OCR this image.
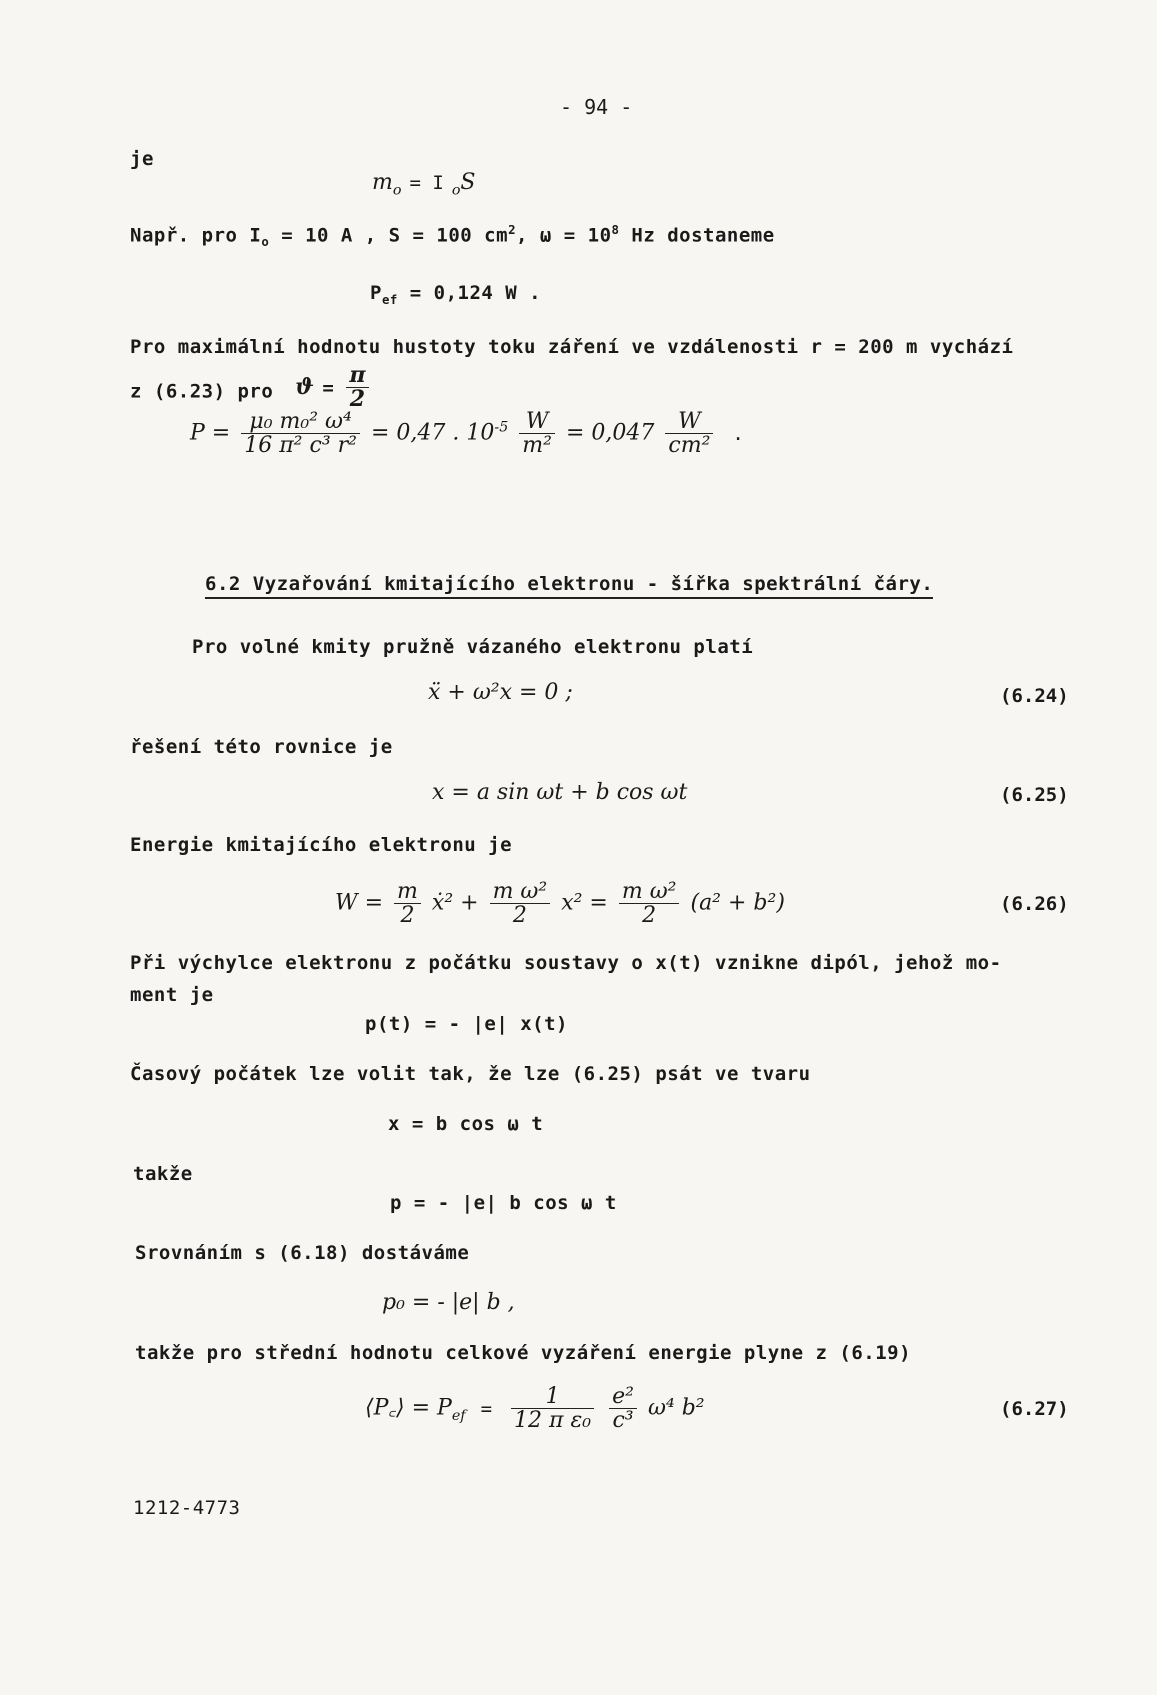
- 94 -
je
$m_o = I$ $_o$S
Např. pro $I_o = 10$ A , S = 100 $cm^2$, $\omega = 10^8$ Hz dostaneme
$P_{ef} = 0,124$ W .
Pro maximální hodnotu hustoty toku záření ve vzdálenosti r = 200 m vychází
z (6.23) pro $ϑ = \frac{\pi}{2}$
$P = \frac{\text{μ₀ m₀² ω⁴}}{\text{16 π² c³ r²}} = 0,47$ . $10^{-5} \frac{W}{\text{m²}} = 0,047 \frac{W}{\text{cm²}}$ .
6.2 Vyzařování kmitajícího elektronu - šířka spektrální čáry.
Pro volné kmity pružně vázaného elektronu platí
ẍ + ω²x = 0 ;	(6.24)
řešení této rovnice je
x = a sin ωt + b cos ωt	(6.25)
Energie kmitajícího elektronu je
$W = \frac{m}{2}$ ẋ² + $\frac{\text{m ω²}}{2} x^2 = \frac{\text{m ω²}}{2} (a^2 + b^2)$	(6.26)
Při výchylce elektronu z počátku soustavy o x(t) vznikne dipól, jehož mo-
ment je
p(t) = - |e| x(t)
Časový počátek lze volit tak, že lze (6.25) psát ve tvaru
x = b cos ω t
takže
p = - |e| b cos ω t
Srovnáním s (6.18) dostáváme
p₀ = - |e| b ,
takže pro střední hodnotu celkové vyzáření energie plyne z (6.19)
⟨P꜀⟩ = $P_{ef} = \frac{1}{\text{12 π ε₀}}$
$\frac{\text{e²}}{\text{c³}} \omega^4$ b²	(6.27)
1212-4773
